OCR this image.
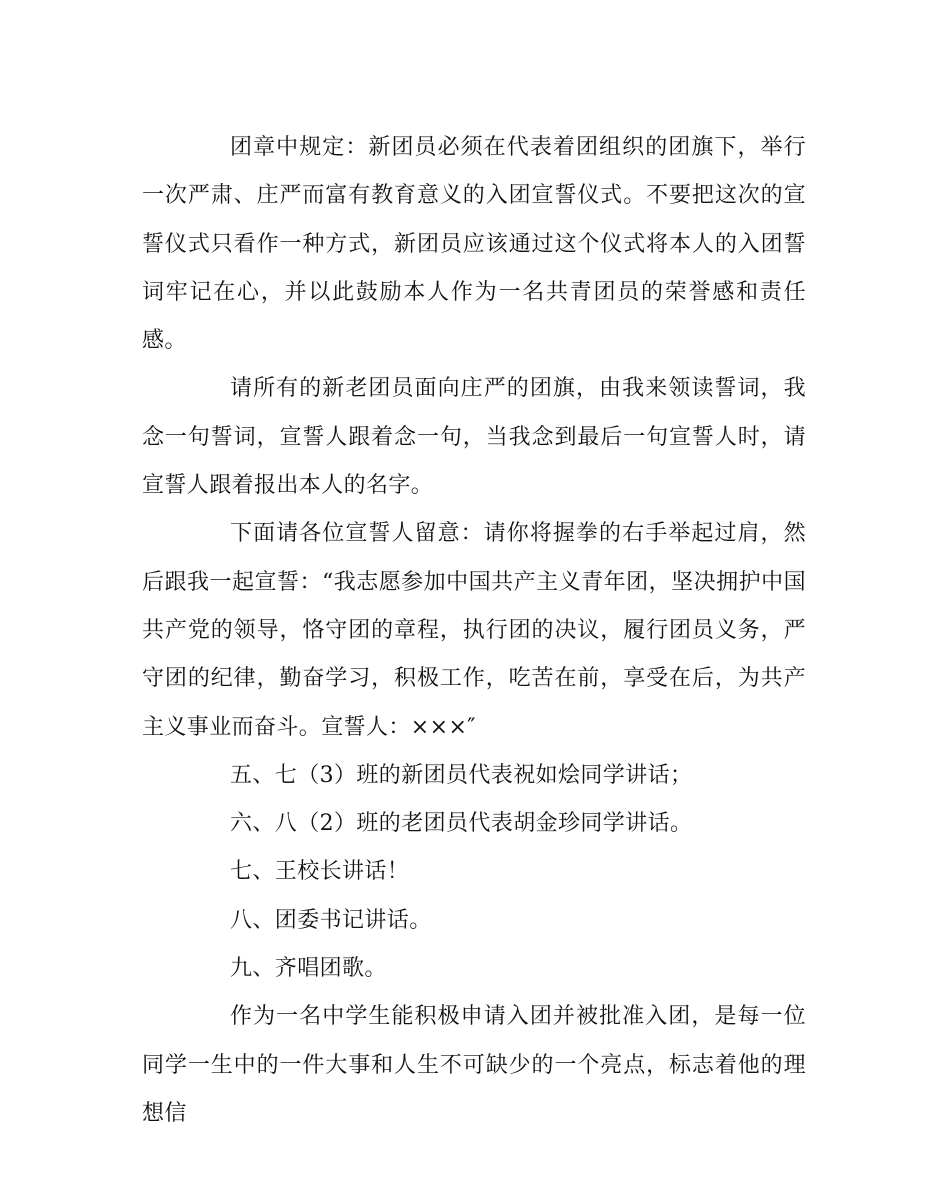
团章中规定：新团员必须在代表着团组织的团旗下，举行一次严肃、庄严而富有教育意义的入团宣誓仪式。不要把这次的宣誓仪式只看作一种方式，新团员应该通过这个仪式将本人的入团誓词牢记在心，并以此鼓励本人作为一名共青团员的荣誉感和责任感。

请所有的新老团员面向庄严的团旗，由我来领读誓词，我念一句誓词，宣誓人跟着念一句，当我念到最后一句宣誓人时，请宣誓人跟着报出本人的名字。

下面请各位宣誓人留意：请你将握拳的右手举起过肩，然后跟我一起宣誓：“我志愿参加中国共产主义青年团，坚决拥护中国共产党的领导，恪守团的章程，执行团的决议，履行团员义务，严守团的纪律，勤奋学习，积极工作，吃苦在前，享受在后，为共产主义事业而奋斗。宣誓人：×××″

五、七（3）班的新团员代表祝如烩同学讲话；

六、八（2）班的老团员代表胡金珍同学讲话。

七、王校长讲话！

八、团委书记讲话。

九、齐唱团歌。

作为一名中学生能积极申请入团并被批准入团，是每一位同学一生中的一件大事和人生不可缺少的一个亮点，标志着他的理想信
